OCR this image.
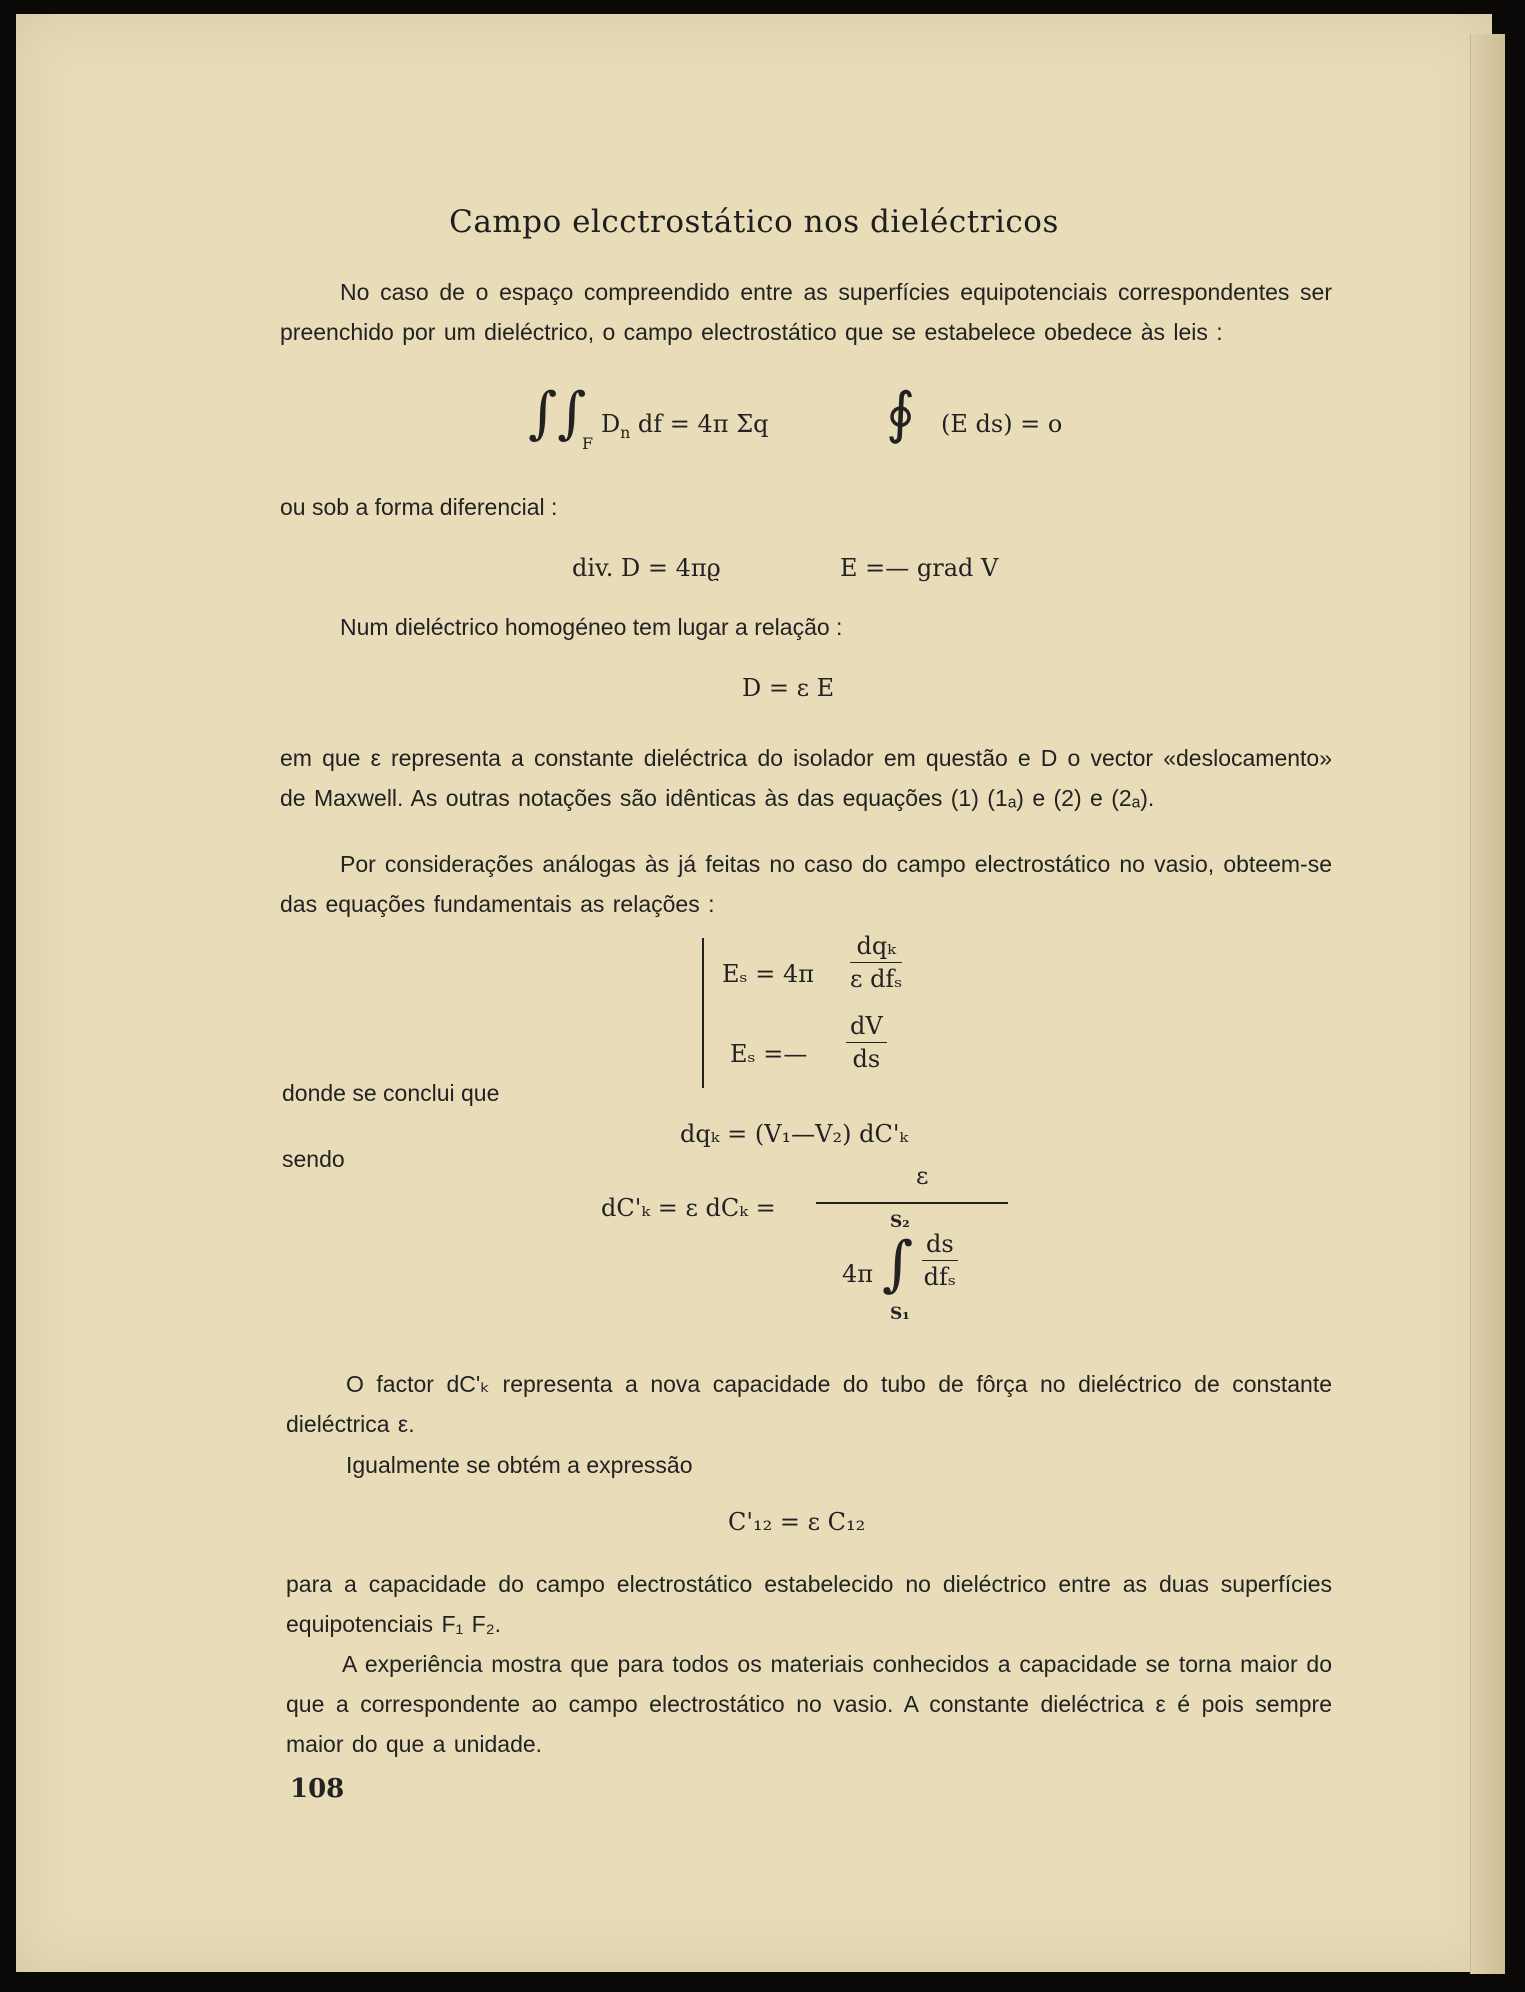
Campo elcctrostático nos dieléctricos
No caso de o espaço compreendido entre as superfícies equipotenciais correspondentes ser preenchido por um dieléctrico, o campo electrostático que se estabelece obedece às leis :
∫∫ $D_n$ df = 4π Σq
F	∮ (E ds) = o
ou sob a forma diferencial :
div. D = 4πϱ	E =— grad V
Num dieléctrico homogéneo tem lugar a relação :
D = ε E
em que ε representa a constante dieléctrica do isolador em questão e D o vector «deslocamento» de Maxwell. As outras notações são idênticas às das equações (1) (1ₐ) e (2) e (2ₐ).
Por considerações análogas às já feitas no caso do campo electrostático no vasio, obteem-se das equações fundamentais as relações :
Eₛ = 4π
dqₖ
ε dfₛ
Eₛ =— $\frac{dV}{ds}$
donde se conclui que
dqₖ = (V₁—V₂) dC'ₖ
sendo
dC'ₖ = ε dCₖ =
ε
S₂
4π ∫ ds
dfₛ
S₁
O factor dC'ₖ representa a nova capacidade do tubo de fôrça no dieléctrico de constante dieléctrica ε.
Igualmente se obtém a expressão
C'₁₂ = ε C₁₂
para a capacidade do campo electrostático estabelecido no dieléctrico entre as duas superfícies equipotenciais F₁ F₂.
A experiência mostra que para todos os materiais conhecidos a capacidade se torna maior do que a correspondente ao campo electrostático no vasio. A constante dieléctrica ε é pois sempre maior do que a unidade.
108
